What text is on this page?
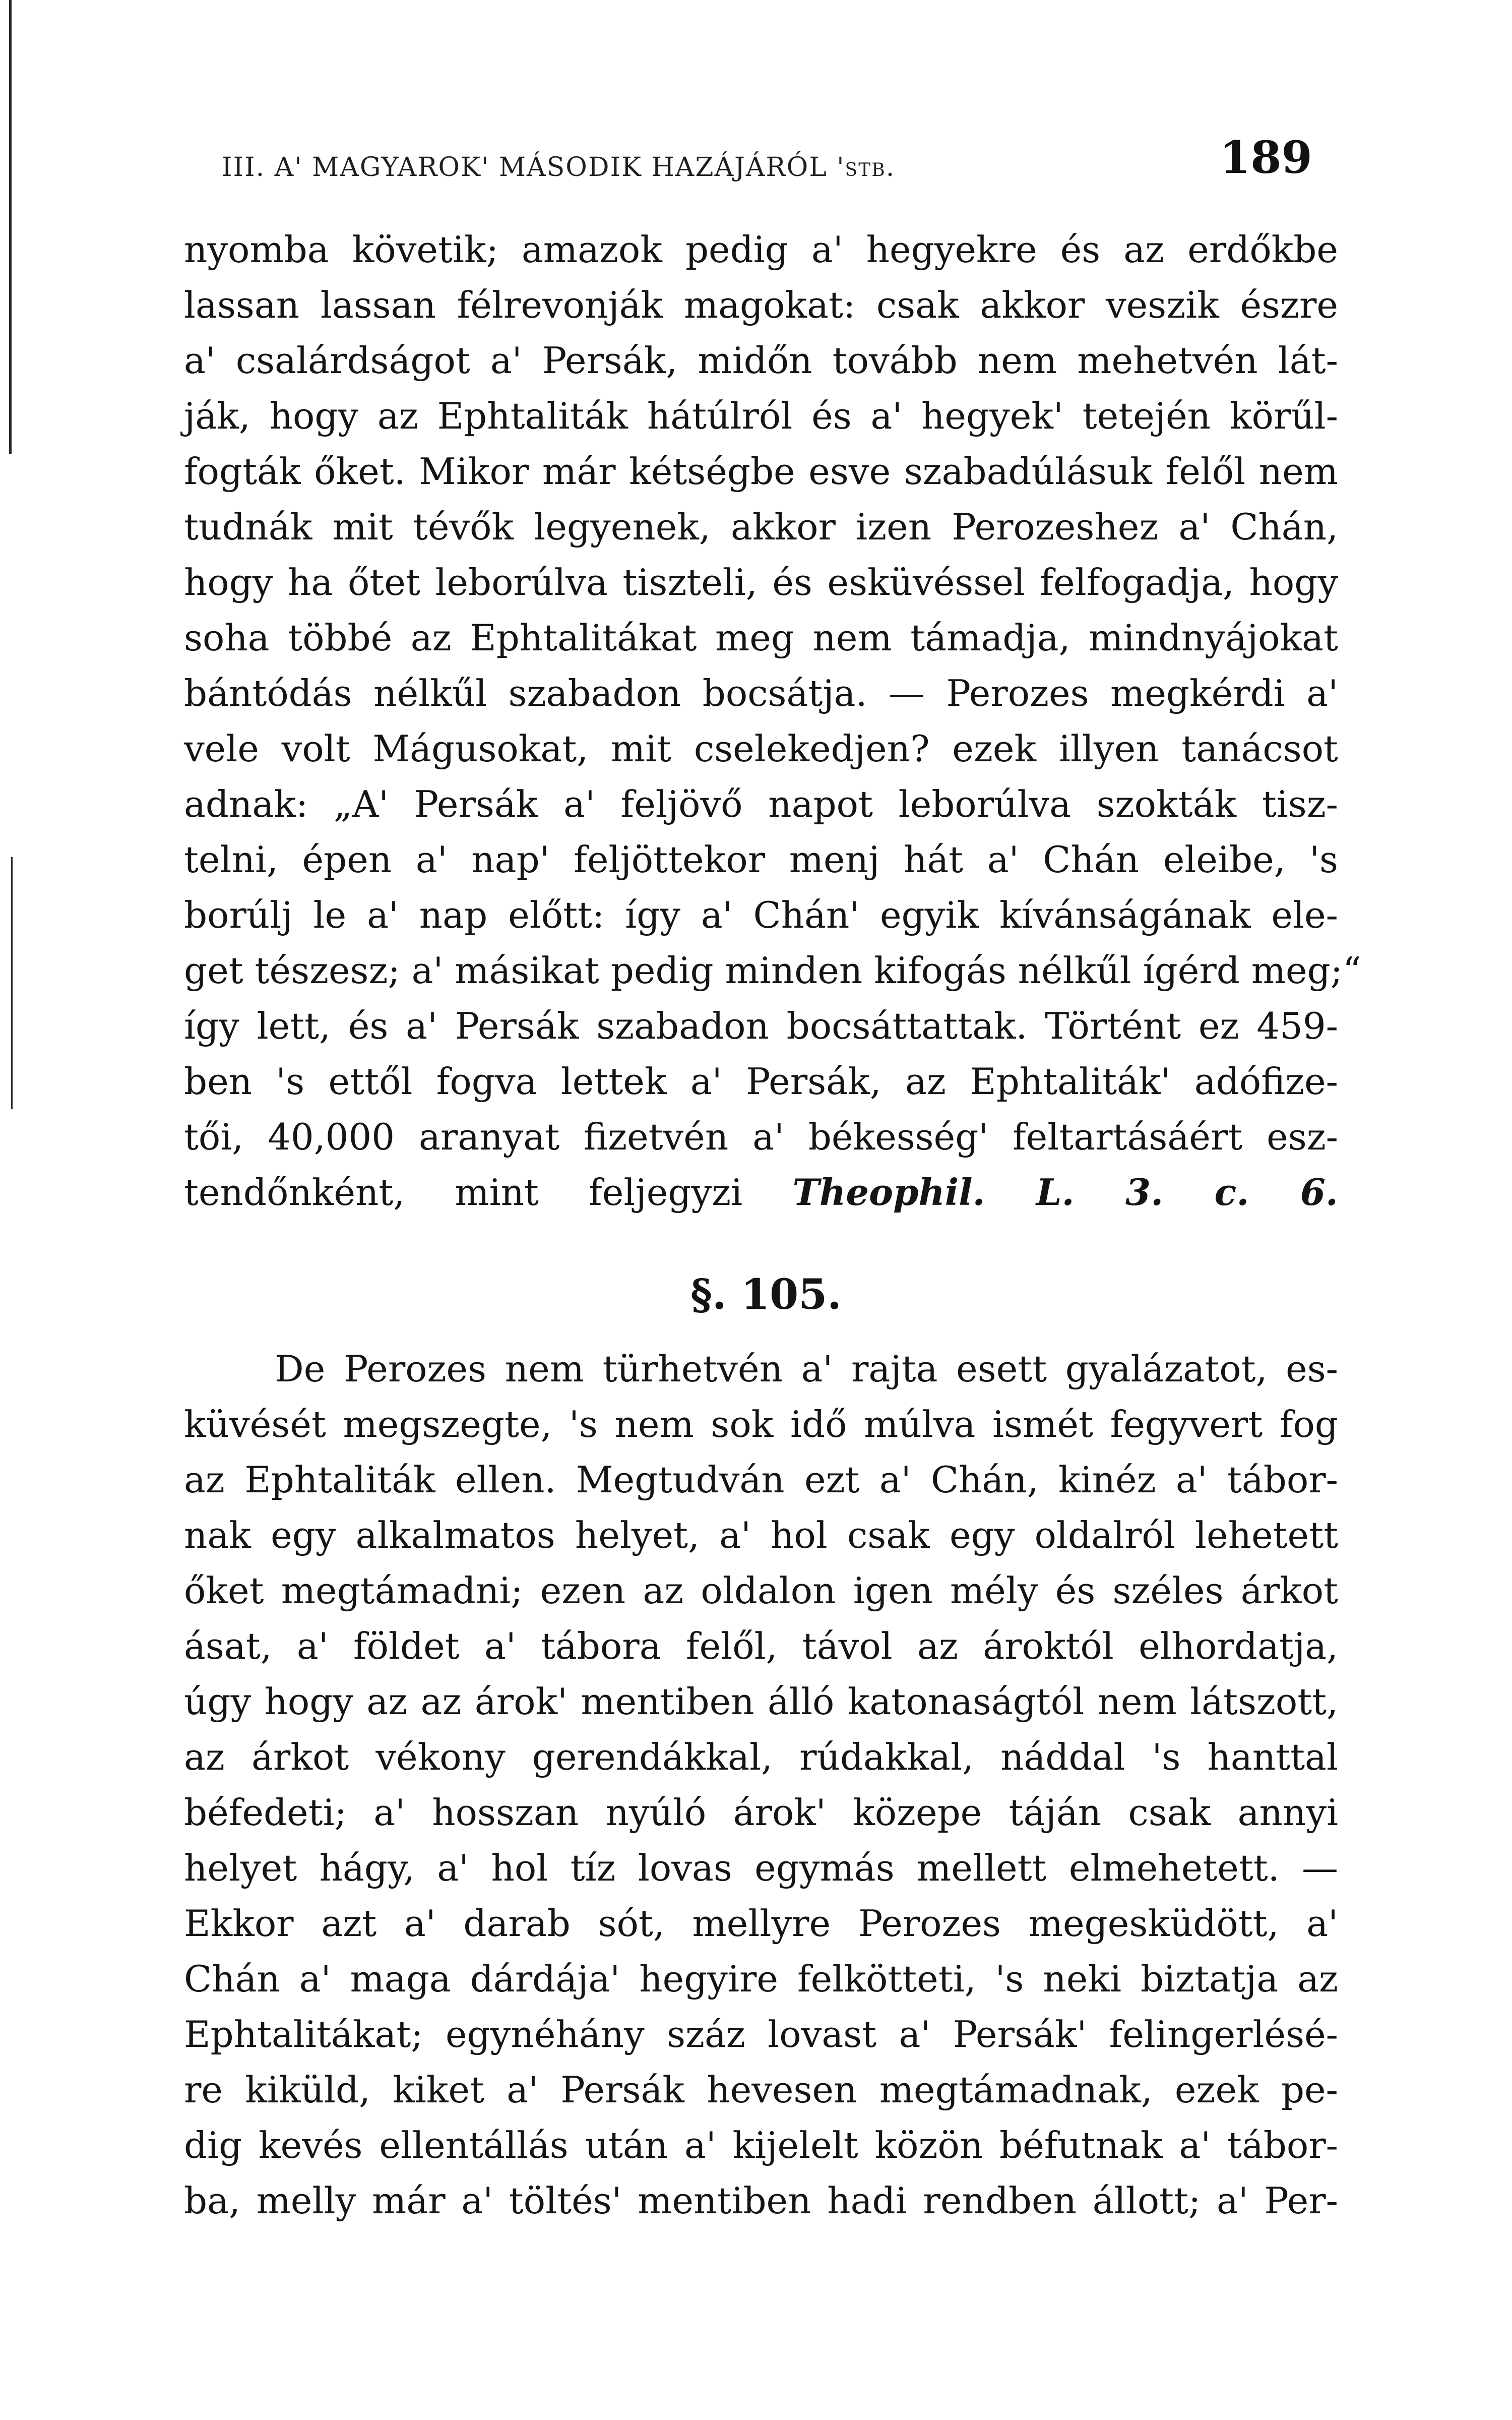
III. A' MAGYAROK' MÁSODIK HAZÁJÁRÓL 'stb.	189
nyomba követik; amazok pedig a' hegyekre és az erdőkbe
lassan lassan félrevonják magokat: csak akkor veszik észre
a' csalárdságot a' Persák, midőn tovább nem mehetvén lát-
ják, hogy az Ephtaliták hátúlról és a' hegyek' tetején körűl-
fogták őket. Mikor már kétségbe esve szabadúlásuk felől nem
tudnák mit tévők legyenek, akkor izen Perozeshez a' Chán,
hogy ha őtet leborúlva tiszteli, és esküvéssel felfogadja, hogy
soha többé az Ephtalitákat meg nem támadja, mindnyájokat
bántódás nélkűl szabadon bocsátja. — Perozes megkérdi a'
vele volt Mágusokat, mit cselekedjen? ezek illyen tanácsot
adnak: „A' Persák a' feljövő napot leborúlva szokták tisz-
telni, épen a' nap' feljöttekor menj hát a' Chán eleibe, 's
borúlj le a' nap előtt: így a' Chán' egyik kívánságának ele-
get tészesz; a' másikat pedig minden kifogás nélkűl ígérd meg;“
így lett, és a' Persák szabadon bocsáttattak. Történt ez 459-
ben 's ettől fogva lettek a' Persák, az Ephtaliták' adófize-
tői, 40,000 aranyat fizetvén a' békesség' feltartásáért esz-
tendőnként, mint feljegyzi Theophil. L. 3. c. 6.
§. 105.
De Perozes nem türhetvén a' rajta esett gyalázatot, es-
küvését megszegte, 's nem sok idő múlva ismét fegyvert fog
az Ephtaliták ellen. Megtudván ezt a' Chán, kinéz a' tábor-
nak egy alkalmatos helyet, a' hol csak egy oldalról lehetett
őket megtámadni; ezen az oldalon igen mély és széles árkot
ásat, a' földet a' tábora felől, távol az ároktól elhordatja,
úgy hogy az az árok' mentiben álló katonaságtól nem látszott,
az árkot vékony gerendákkal, rúdakkal, náddal 's hanttal
béfedeti; a' hosszan nyúló árok' közepe táján csak annyi
helyet hágy, a' hol tíz lovas egymás mellett elmehetett. —
Ekkor azt a' darab sót, mellyre Perozes megesküdött, a'
Chán a' maga dárdája' hegyire felkötteti, 's neki biztatja az
Ephtalitákat; egynéhány száz lovast a' Persák' felingerlésé-
re kiküld, kiket a' Persák hevesen megtámadnak, ezek pe-
dig kevés ellentállás után a' kijelelt közön béfutnak a' tábor-
ba, melly már a' töltés' mentiben hadi rendben állott; a' Per-
